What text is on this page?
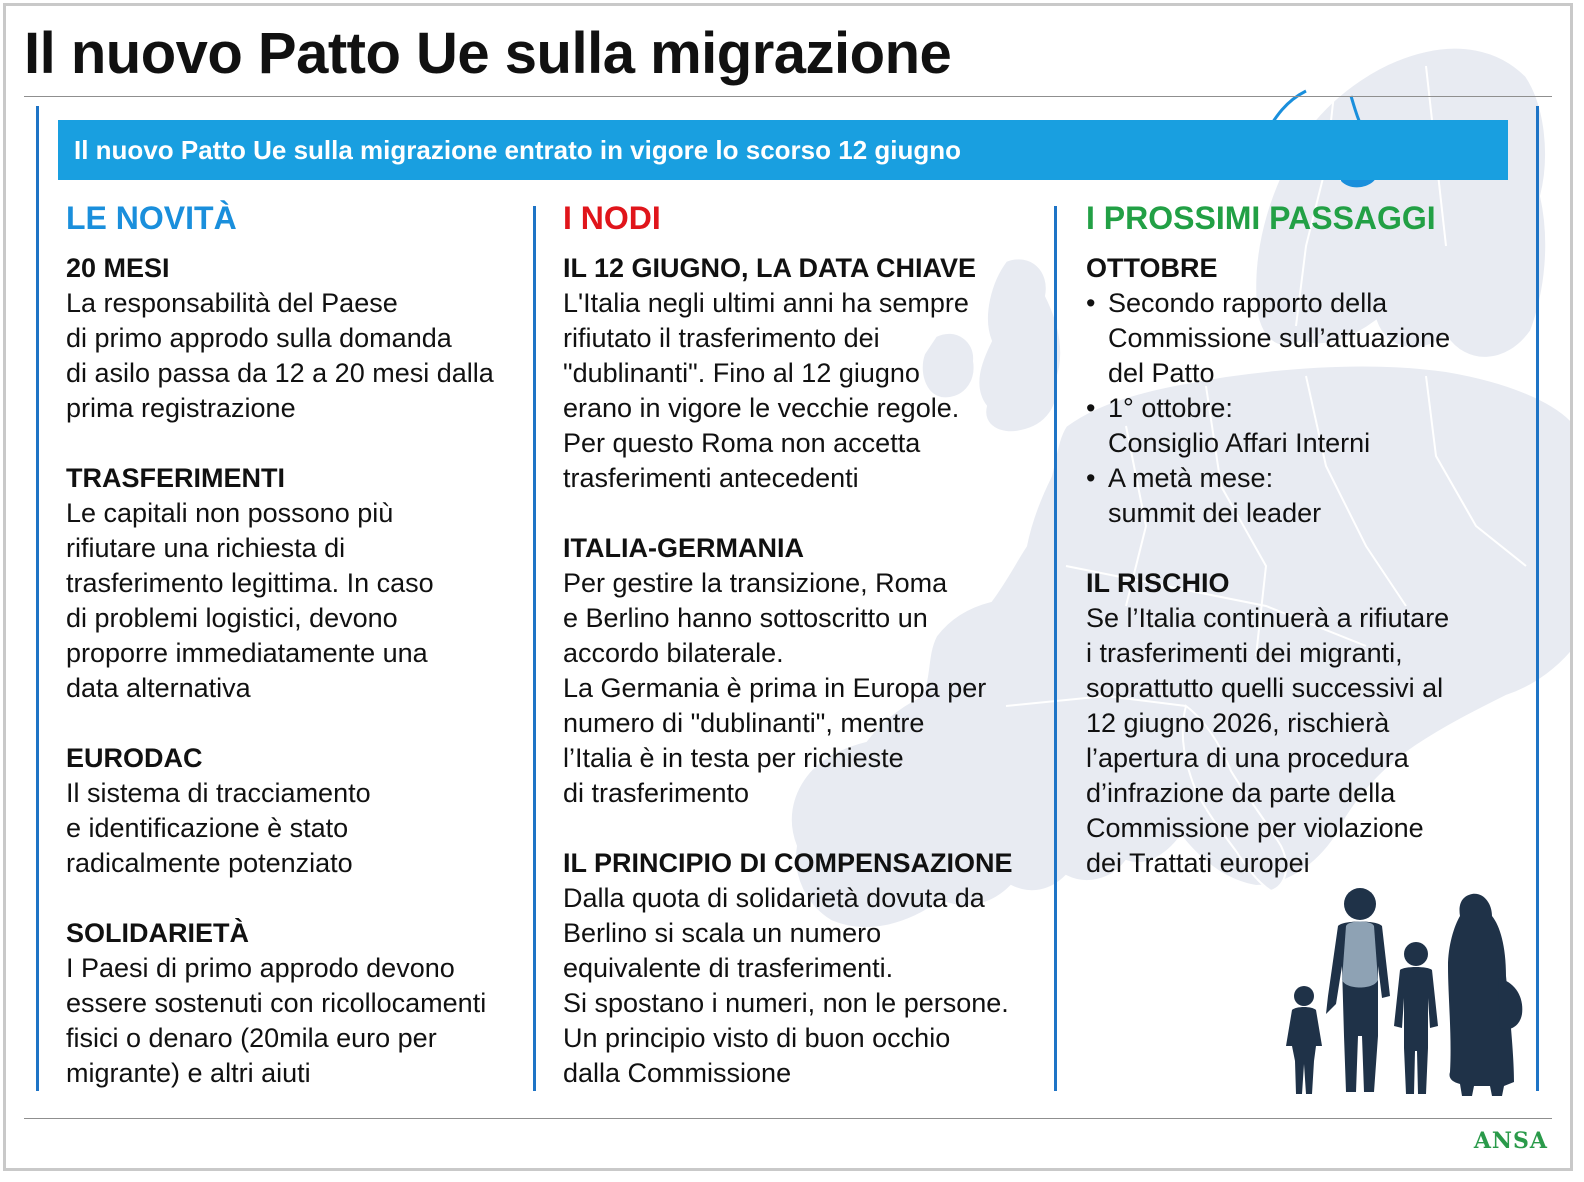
Il nuovo Patto Ue sulla migrazione
Il nuovo Patto Ue sulla migrazione entrato in vigore lo scorso 12 giugno
LE NOVITÀ
20 MESI
La responsabilità del Paese
di primo approdo sulla domanda
di asilo passa da 12 a 20 mesi dalla
prima registrazione
TRASFERIMENTI
Le capitali non possono più
rifiutare una richiesta di
trasferimento legittima. In caso
di problemi logistici, devono
proporre immediatamente una
data alternativa
EURODAC
Il sistema di tracciamento
e identificazione è stato
radicalmente potenziato
SOLIDARIETÀ
I Paesi di primo approdo devono
essere sostenuti con ricollocamenti
fisici o denaro (20mila euro per
migrante) e altri aiuti
I NODI
IL 12 GIUGNO, LA DATA CHIAVE
L'Italia negli ultimi anni ha sempre
rifiutato il trasferimento dei
"dublinanti". Fino al 12 giugno
erano in vigore le vecchie regole.
Per questo Roma non accetta
trasferimenti antecedenti
ITALIA-GERMANIA
Per gestire la transizione, Roma
e Berlino hanno sottoscritto un
accordo bilaterale.
La Germania è prima in Europa per
numero di "dublinanti", mentre
l’Italia è in testa per richieste
di trasferimento
IL PRINCIPIO DI COMPENSAZIONE
Dalla quota di solidarietà dovuta da
Berlino si scala un numero
equivalente di trasferimenti.
Si spostano i numeri, non le persone.
Un principio visto di buon occhio
dalla Commissione
I PROSSIMI PASSAGGI
OTTOBRE
• Secondo rapporto della
Commissione sull’attuazione
del Patto
• 1° ottobre:
Consiglio Affari Interni
• A metà mese:
summit dei leader
IL RISCHIO
Se l’Italia continuerà a rifiutare
i trasferimenti dei migranti,
soprattutto quelli successivi al
12 giugno 2026, rischierà
l’apertura di una procedura
d’infrazione da parte della
Commissione per violazione
dei Trattati europei
ANSA
